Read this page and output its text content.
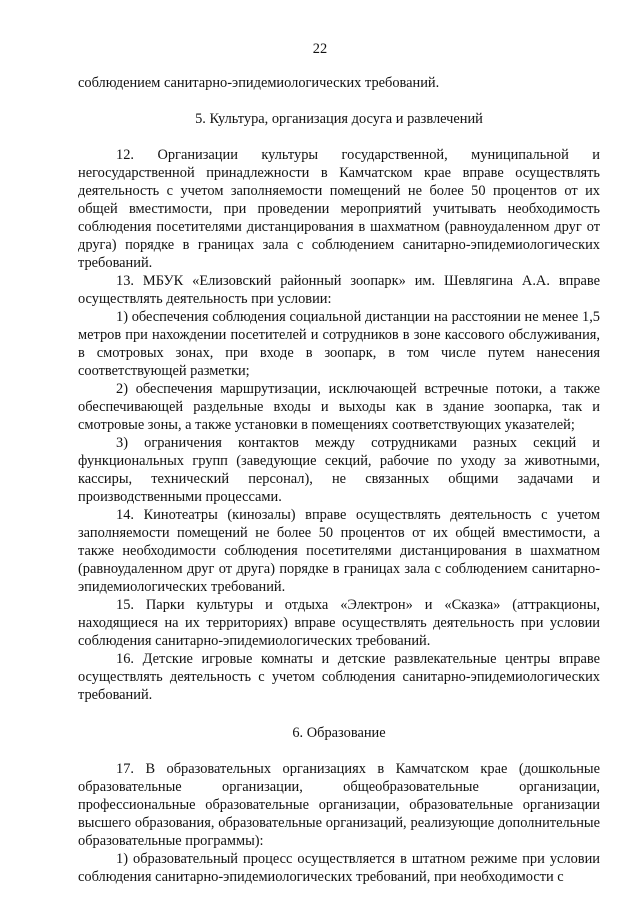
22

соблюдением санитарно-эпидемиологических требований.

5. Культура, организация досуга и развлечений

12. Организации культуры государственной, муниципальной и негосударственной принадлежности в Камчатском крае вправе осуществлять деятельность с учетом заполняемости помещений не более 50 процентов от их общей вместимости, при проведении мероприятий учитывать необходимость соблюдения посетителями дистанцирования в шахматном (равноудаленном друг от друга) порядке в границах зала с соблюдением санитарно-эпидемиологических требований.

13. МБУК «Елизовский районный зоопарк» им. Шевлягина А.А. вправе осуществлять деятельность при условии:

1) обеспечения соблюдения социальной дистанции на расстоянии не менее 1,5 метров при нахождении посетителей и сотрудников в зоне кассового обслуживания, в смотровых зонах, при входе в зоопарк, в том числе путем нанесения соответствующей разметки;

2) обеспечения маршрутизации, исключающей встречные потоки, а также обеспечивающей раздельные входы и выходы как в здание зоопарка, так и смотровые зоны, а также установки в помещениях соответствующих указателей;

3) ограничения контактов между сотрудниками разных секций и функциональных групп (заведующие секций, рабочие по уходу за животными, кассиры, технический персонал), не связанных общими задачами и производственными процессами.

14. Кинотеатры (кинозалы) вправе осуществлять деятельность с учетом заполняемости помещений не более 50 процентов от их общей вместимости, а также необходимости соблюдения посетителями дистанцирования в шахматном (равноудаленном друг от друга) порядке в границах зала с соблюдением санитарно-эпидемиологических требований.

15. Парки культуры и отдыха «Электрон» и «Сказка» (аттракционы, находящиеся на их территориях) вправе осуществлять деятельность при условии соблюдения санитарно-эпидемиологических требований.

16. Детские игровые комнаты и детские развлекательные центры вправе осуществлять деятельность с учетом соблюдения санитарно-эпидемиологических требований.

6. Образование

17. В образовательных организациях в Камчатском крае (дошкольные образовательные организации, общеобразовательные организации, профессиональные образовательные организации, образовательные организации высшего образования, образовательные организаций, реализующие дополнительные образовательные программы):

1) образовательный процесс осуществляется в штатном режиме при условии соблюдения санитарно-эпидемиологических требований, при необходимости с
